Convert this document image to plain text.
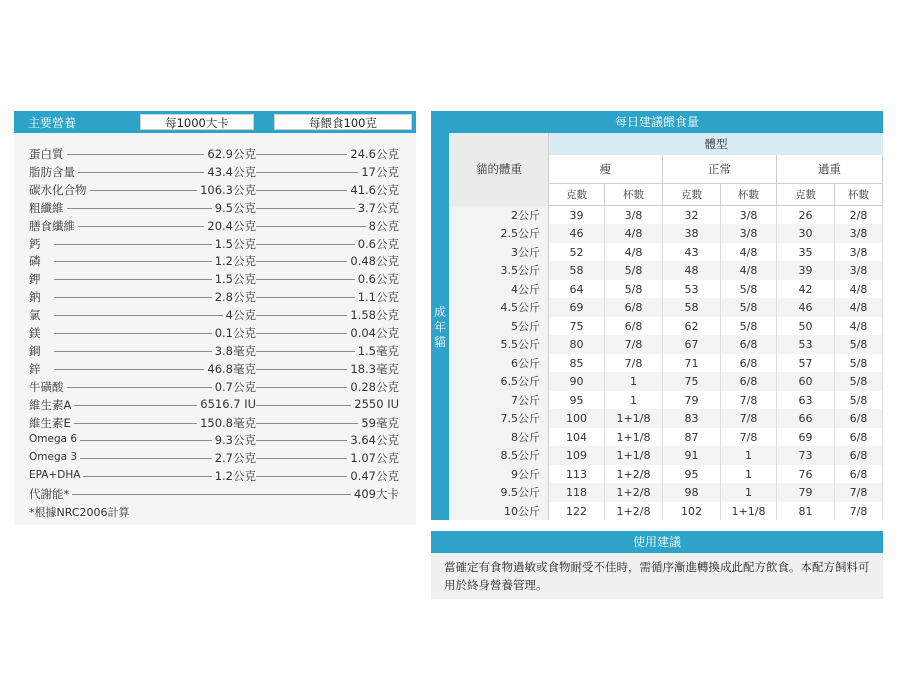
主要營養	每1000大卡	每餵食100克
蛋白質	62.9公克	24.6公克
脂肪含量	43.4公克	17公克
碳水化合物	106.3公克	41.6公克
粗纖維	9.5公克	3.7公克
膳食纖維	20.4公克	8公克
鈣	1.5公克	0.6公克
磷	1.2公克	0.48公克
鉀	1.5公克	0.6公克
鈉	2.8公克	1.1公克
氯	4公克	1.58公克
鎂	0.1公克	0.04公克
銅	3.8毫克	1.5毫克
鋅	46.8毫克	18.3毫克
牛磺酸	0.7公克	0.28公克
維生素A	6516.7 IU	2550 IU
維生素E	150.8毫克	59毫克
Omega 6	9.3公克	3.64公克
Omega 3	2.7公克	1.07公克
EPA+DHA	1.2公克	0.47公克
代謝能*	409大卡
*根據NRC2006計算
每日建議餵食量
成
年
貓
貓的體重
體型
瘦	正常	過重
克數	杯數	克數	杯數	克數	杯數
2公斤	39	3/8	32	3/8	26	2/8
2.5公斤	46	4/8	38	3/8	30	3/8
3公斤	52	4/8	43	4/8	35	3/8
3.5公斤	58	5/8	48	4/8	39	3/8
4公斤	64	5/8	53	5/8	42	4/8
4.5公斤	69	6/8	58	5/8	46	4/8
5公斤	75	6/8	62	5/8	50	4/8
5.5公斤	80	7/8	67	6/8	53	5/8
6公斤	85	7/8	71	6/8	57	5/8
6.5公斤	90	1	75	6/8	60	5/8
7公斤	95	1	79	7/8	63	5/8
7.5公斤	100	1+1/8	83	7/8	66	6/8
8公斤	104	1+1/8	87	7/8	69	6/8
8.5公斤	109	1+1/8	91	1	73	6/8
9公斤	113	1+2/8	95	1	76	6/8
9.5公斤	118	1+2/8	98	1	79	7/8
10公斤	122	1+2/8	102	1+1/8	81	7/8
使用建議
當確定有食物過敏或食物耐受不佳時，需循序漸進轉換成此配方飲食。本配方飼料可用於終身營養管理。
